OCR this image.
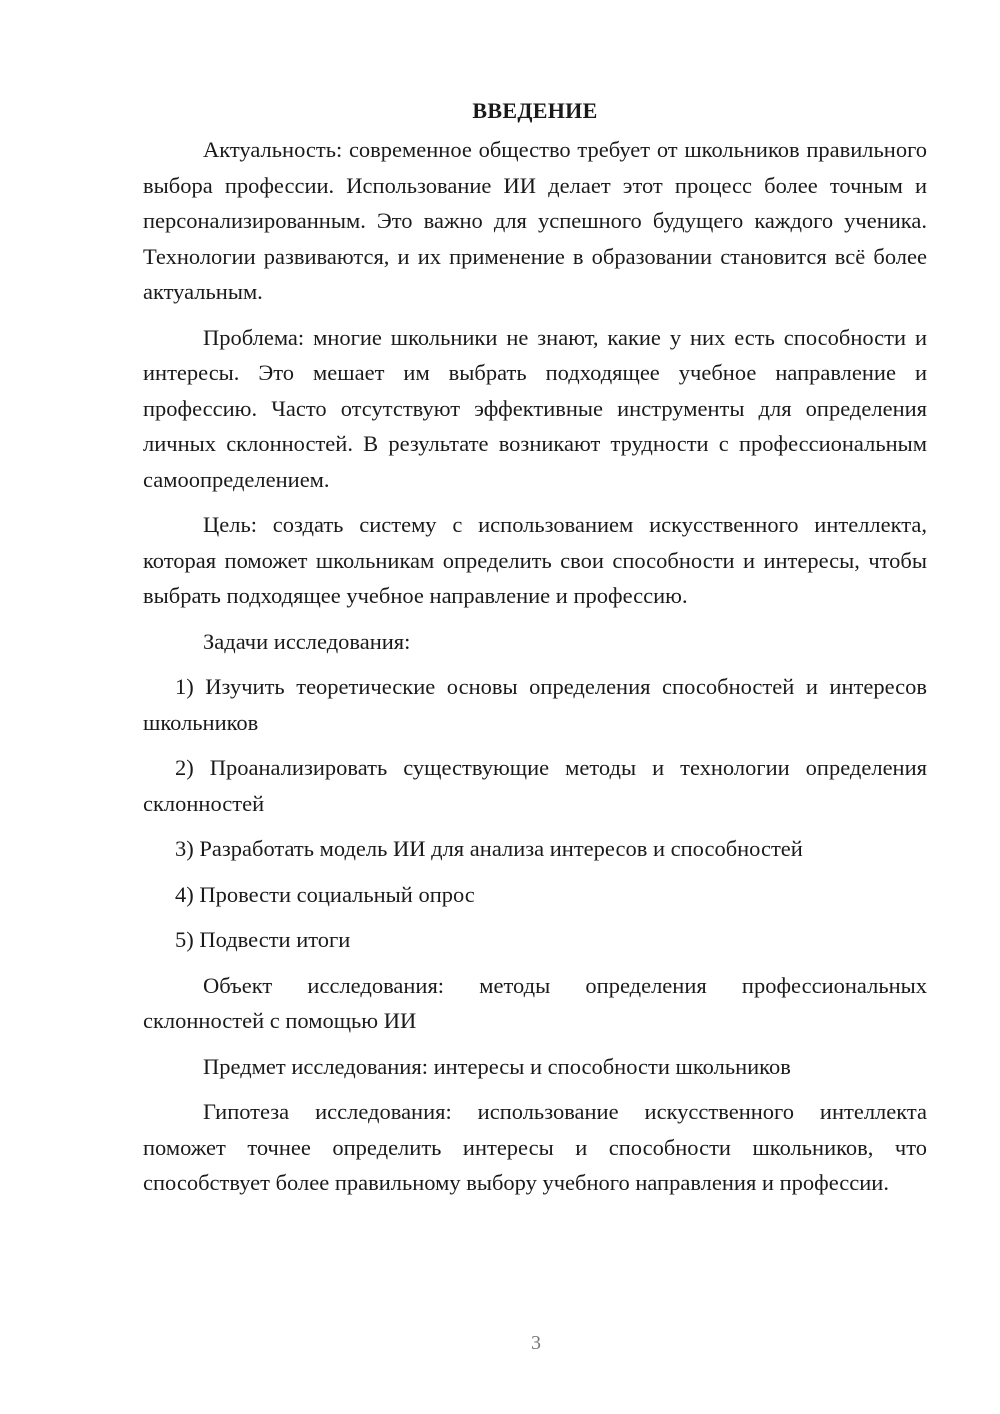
ВВЕДЕНИЕ

Актуальность: современное общество требует от школьников правильного выбора профессии. Использование ИИ делает этот процесс более точным и персонализированным. Это важно для успешного будущего каждого ученика. Технологии развиваются, и их применение в образовании становится всё более актуальным.

Проблема: многие школьники не знают, какие у них есть способности и интересы. Это мешает им выбрать подходящее учебное направление и профессию. Часто отсутствуют эффективные инструменты для определения личных склонностей. В результате возникают трудности с профессиональным самоопределением.

Цель: создать систему с использованием искусственного интеллекта, которая поможет школьникам определить свои способности и интересы, чтобы выбрать подходящее учебное направление и профессию.

Задачи исследования:

1) Изучить теоретические основы определения способностей и интересов школьников

2) Проанализировать существующие методы и технологии определения склонностей

3) Разработать модель ИИ для анализа интересов и способностей

4) Провести социальный опрос

5) Подвести итоги

Объект исследования: методы определения профессиональных склонностей с помощью ИИ

Предмет исследования: интересы и способности школьников

Гипотеза исследования: использование искусственного интеллекта поможет точнее определить интересы и способности школьников, что способствует более правильному выбору учебного направления и профессии.

3
